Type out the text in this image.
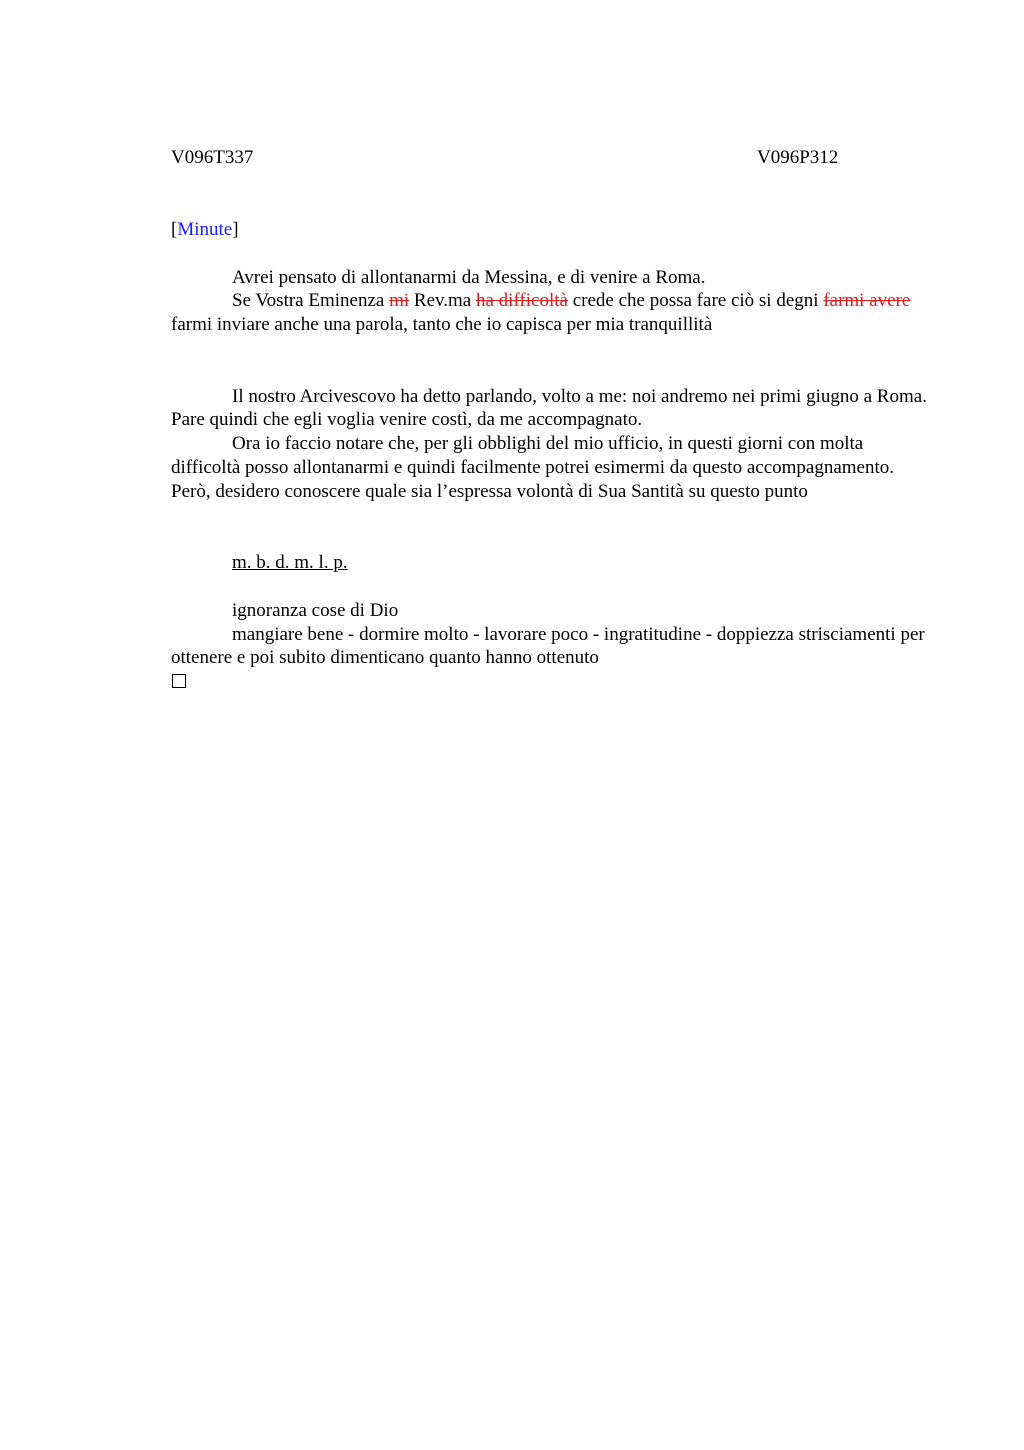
V096T337	V096P312

[Minute]

Avrei pensato di allontanarmi da Messina, e di venire a Roma.

Se Vostra Eminenza mi Rev.ma ha difficoltà crede che possa fare ciò si degni farmi avere farmi inviare anche una parola, tanto che io capisca per mia tranquillità

Il nostro Arcivescovo ha detto parlando, volto a me: noi andremo nei primi giugno a Roma. Pare quindi che egli voglia venire costì, da me accompagnato.

Ora io faccio notare che, per gli obblighi del mio ufficio, in questi giorni con molta difficoltà posso allontanarmi e quindi facilmente potrei esimermi da questo accompagnamento. Però, desidero conoscere quale sia l’espressa volontà di Sua Santità su questo punto

m. b. d. m. l. p.

ignoranza cose di Dio

mangiare bene - dormire molto - lavorare poco - ingratitudine - doppiezza strisciamenti per ottenere e poi subito dimenticano quanto hanno ottenuto
